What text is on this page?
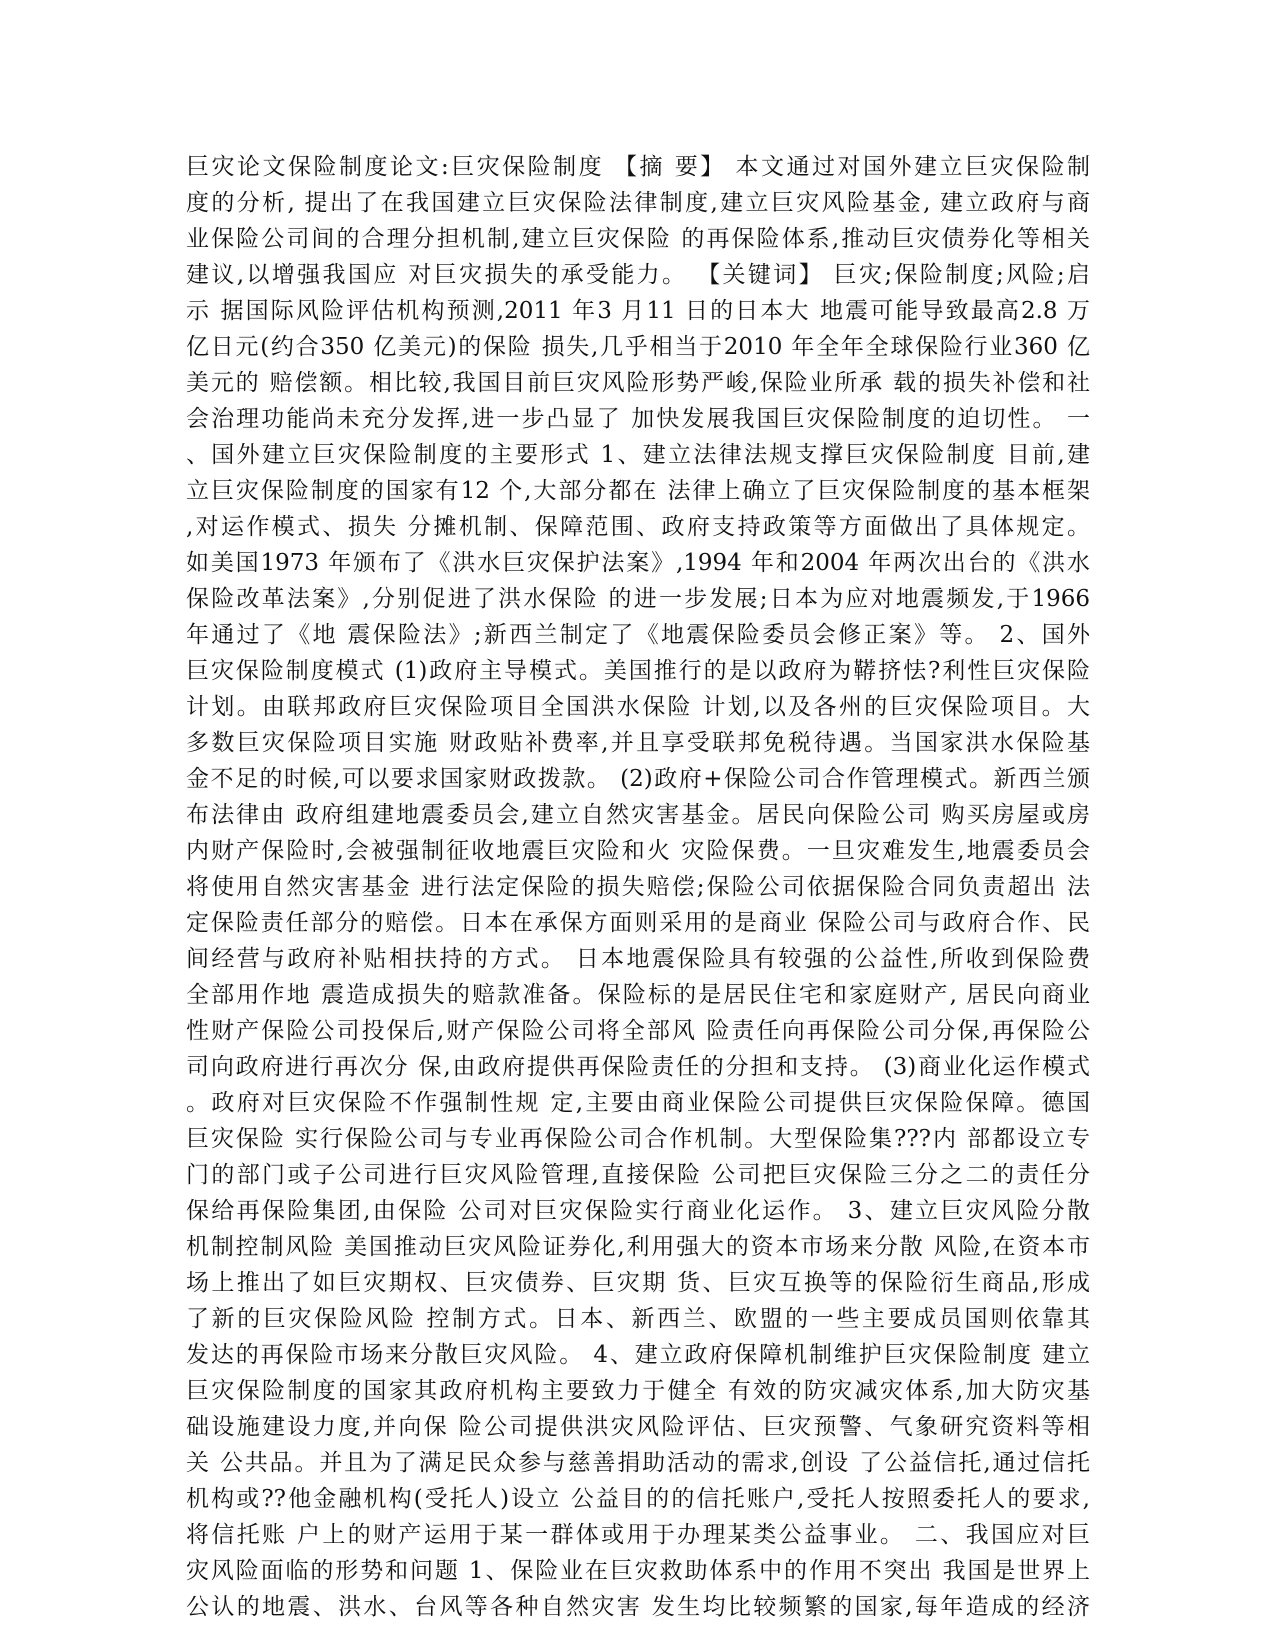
巨灾论文保险制度论文:巨灾保险制度 【摘 要】 本文通过对国外建立巨灾保险制
度的分析, 提出了在我国建立巨灾保险法律制度,建立巨灾风险基金, 建立政府与商
业保险公司间的合理分担机制,建立巨灾保险 的再保险体系,推动巨灾债券化等相关
建议,以增强我国应 对巨灾损失的承受能力。 【关键词】 巨灾;保险制度;风险;启
示 据国际风险评估机构预测,2011 年3 月11 日的日本大 地震可能导致最高2.8 万
亿日元(约合350 亿美元)的保险 损失,几乎相当于2010 年全年全球保险行业360 亿
美元的 赔偿额。相比较,我国目前巨灾风险形势严峻,保险业所承 载的损失补偿和社
会治理功能尚未充分发挥,进一步凸显了 加快发展我国巨灾保险制度的迫切性。 一
、国外建立巨灾保险制度的主要形式 1、建立法律法规支撑巨灾保险制度 目前,建
立巨灾保险制度的国家有12 个,大部分都在 法律上确立了巨灾保险制度的基本框架
,对运作模式、损失 分摊机制、保障范围、政府支持政策等方面做出了具体规定。
如美国1973 年颁布了《洪水巨灾保护法案》,1994 年和2004 年两次出台的《洪水
保险改革法案》,分别促进了洪水保险 的进一步发展;日本为应对地震频发,于1966
年通过了《地 震保险法》;新西兰制定了《地震保险委员会修正案》等。 2、国外
巨灾保险制度模式 (1)政府主导模式。美国推行的是以政府为鞯挤怯?利性巨灾保险
计划。由联邦政府巨灾保险项目全国洪水保险 计划,以及各州的巨灾保险项目。大
多数巨灾保险项目实施 财政贴补费率,并且享受联邦免税待遇。当国家洪水保险基
金不足的时候,可以要求国家财政拨款。 (2)政府+保险公司合作管理模式。新西兰颁
布法律由 政府组建地震委员会,建立自然灾害基金。居民向保险公司 购买房屋或房
内财产保险时,会被强制征收地震巨灾险和火 灾险保费。一旦灾难发生,地震委员会
将使用自然灾害基金 进行法定保险的损失赔偿;保险公司依据保险合同负责超出 法
定保险责任部分的赔偿。日本在承保方面则采用的是商业 保险公司与政府合作、民
间经营与政府补贴相扶持的方式。 日本地震保险具有较强的公益性,所收到保险费
全部用作地 震造成损失的赔款准备。保险标的是居民住宅和家庭财产, 居民向商业
性财产保险公司投保后,财产保险公司将全部风 险责任向再保险公司分保,再保险公
司向政府进行再次分 保,由政府提供再保险责任的分担和支持。 (3)商业化运作模式
。政府对巨灾保险不作强制性规 定,主要由商业保险公司提供巨灾保险保障。德国
巨灾保险 实行保险公司与专业再保险公司合作机制。大型保险集???内 部都设立专
门的部门或子公司进行巨灾风险管理,直接保险 公司把巨灾保险三分之二的责任分
保给再保险集团,由保险 公司对巨灾保险实行商业化运作。 3、建立巨灾风险分散
机制控制风险 美国推动巨灾风险证券化,利用强大的资本市场来分散 风险,在资本市
场上推出了如巨灾期权、巨灾债券、巨灾期 货、巨灾互换等的保险衍生商品,形成
了新的巨灾保险风险 控制方式。日本、新西兰、欧盟的一些主要成员国则依靠其
发达的再保险市场来分散巨灾风险。 4、建立政府保障机制维护巨灾保险制度 建立
巨灾保险制度的国家其政府机构主要致力于健全 有效的防灾减灾体系,加大防灾基
础设施建设力度,并向保 险公司提供洪灾风险评估、巨灾预警、气象研究资料等相
关 公共品。并且为了满足民众参与慈善捐助活动的需求,创设 了公益信托,通过信托
机构或??他金融机构(受托人)设立 公益目的的信托账户,受托人按照委托人的要求,
将信托账 户上的财产运用于某一群体或用于办理某类公益事业。 二、我国应对巨
灾风险面临的形势和问题 1、保险业在巨灾救助体系中的作用不突出 我国是世界上
公认的地震、洪水、台风等各种自然灾害 发生均比较频繁的国家,每年造成的经济
